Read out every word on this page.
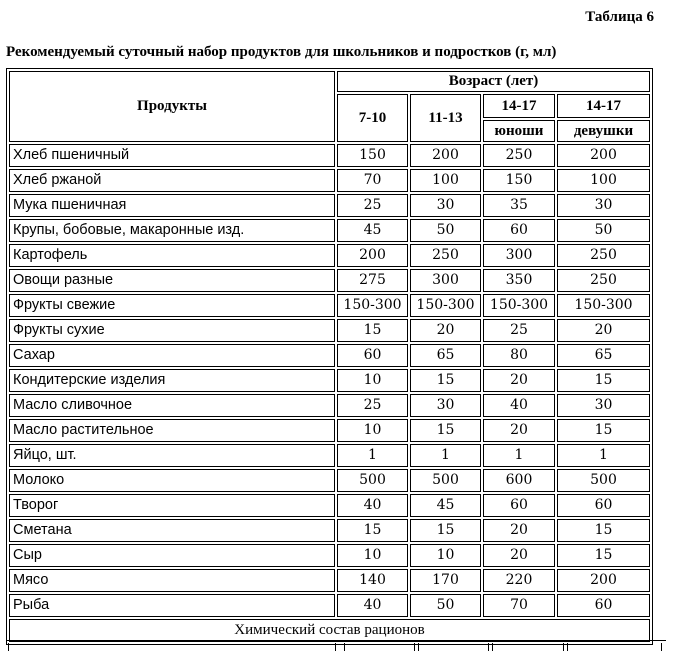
Таблица 6
Рекомендуемый суточный набор продуктов для школьников и подростков (г, мл)
Продукты	Возраст (лет)			
	7-10	11-13	14-17	14-17
			юноши	девушки
Хлеб пшеничный	150	200	250	200
Хлеб ржаной	70	100	150	100
Мука пшеничная	25	30	35	30
Крупы, бобовые, макаронные изд.	45	50	60	50
Картофель	200	250	300	250
Овощи разные	275	300	350	250
Фрукты свежие	150-300	150-300	150-300	150-300
Фрукты сухие	15	20	25	20
Сахар	60	65	80	65
Кондитерские изделия	10	15	20	15
Масло сливочное	25	30	40	30
Масло растительное	10	15	20	15
Яйцо, шт.	1	1	1	1
Молоко	500	500	600	500
Творог	40	45	60	60
Сметана	15	15	20	15
Сыр	10	10	20	15
Мясо	140	170	220	200
Рыба	40	50	70	60
Химический состав рационов				
